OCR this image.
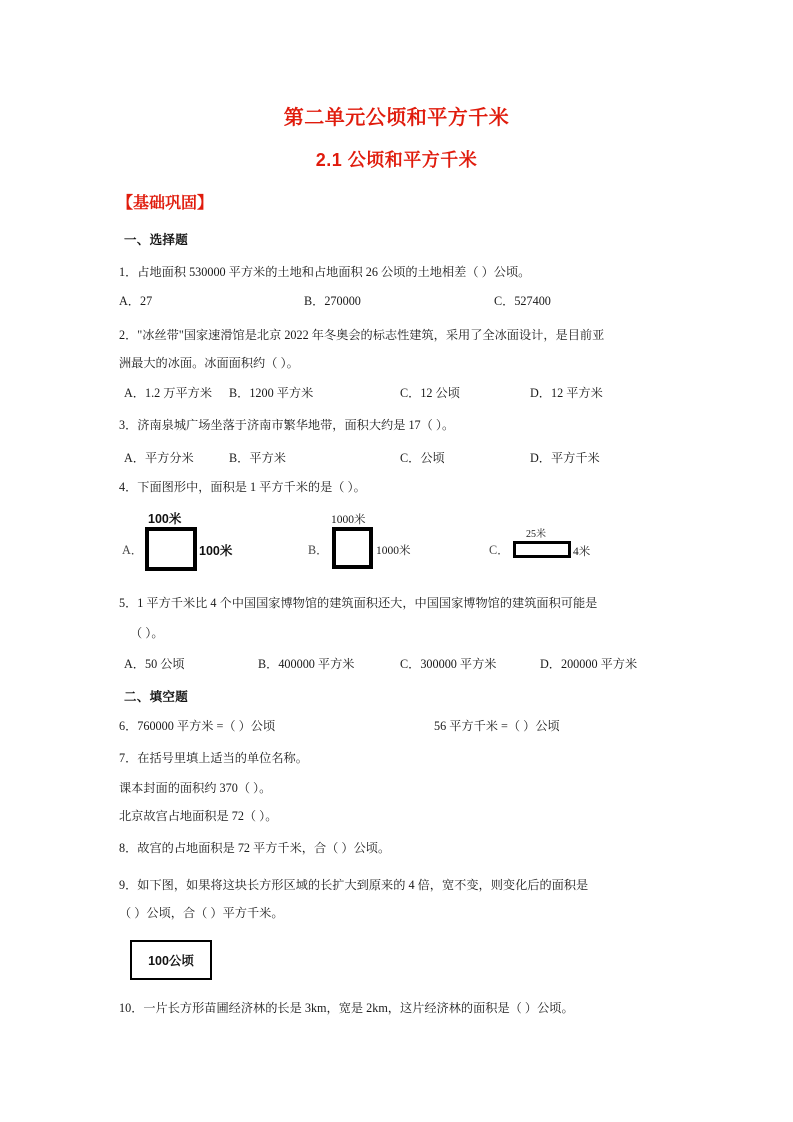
第二单元公顷和平方千米
2.1 公顷和平方千米
【基础巩固】
一、选择题
1．占地面积 530000 平方米的土地和占地面积 26 公顷的土地相差（ ）公顷。
A．27	B．270000	C．527400
2．"冰丝带"国家速滑馆是北京 2022 年冬奥会的标志性建筑，采用了全冰面设计，是目前亚
洲最大的冰面。冰面面积约（ ）。
A．1.2 万平方米 B．1200 平方米	C．12 公顷	D．12 平方米
3．济南泉城广场坐落于济南市繁华地带，面积大约是 17（ ）。
A．平方分米	B．平方米	C．公顷	D．平方千米
4．下面图形中，面积是 1 平方千米的是（ ）。
A．
100米
100米	B．
1000米
1000米	C．
25米
4米
5．1 平方千米比 4 个中国国家博物馆的建筑面积还大，中国国家博物馆的建筑面积可能是
（ ）。
A．50 公顷	B．400000 平方米	C．300000 平方米	D．200000 平方米
二、填空题
6．760000 平方米 =（ ）公顷	56 平方千米 =（ ）公顷
7．在括号里填上适当的单位名称。
课本封面的面积约 370（ ）。
北京故宫占地面积是 72（ ）。
8．故宫的占地面积是 72 平方千米，合（ ）公顷。
9．如下图，如果将这块长方形区域的长扩大到原来的 4 倍，宽不变，则变化后的面积是
（ ）公顷，合（ ）平方千米。
100公顷
10．一片长方形苗圃经济林的长是 3km，宽是 2km，这片经济林的面积是（ ）公顷。
